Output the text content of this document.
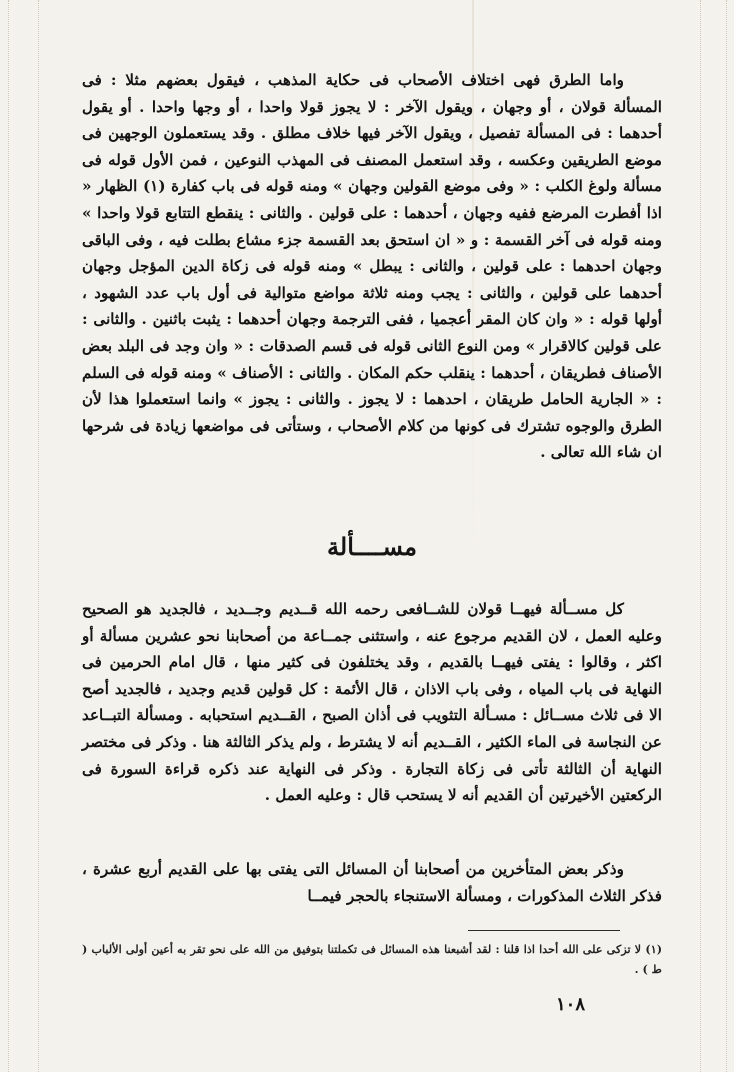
واما الطرق فهى اختلاف الأصحاب فى حكاية المذهب ، فيقول بعضهم مثلا : فى المسألة قولان ، أو وجهان ، ويقول الآخر : لا يجوز قولا واحدا ، أو وجها واحدا . أو يقول أحدهما : فى المسألة تفصيل ، ويقول الآخر فيها خلاف مطلق . وقد يستعملون الوجهين فى موضع الطريقين وعكسه ، وقد استعمل المصنف فى المهذب النوعين ، فمن الأول قوله فى مسألة ولوغ الكلب : « وفى موضع القولين وجهان » ومنه قوله فى باب كفارة (١) الظهار « اذا أفطرت المرضع ففيه وجهان ، أحدهما : على قولين . والثانى : ينقطع التتابع قولا واحدا » ومنه قوله فى آخر القسمة : و « ان استحق بعد القسمة جزء مشاع بطلت فيه ، وفى الباقى وجهان احدهما : على قولين ، والثانى : يبطل » ومنه قوله فى زكاة الدين المؤجل وجهان أحدهما على قولين ، والثانى : يجب ومنه ثلاثة مواضع متوالية فى أول باب عدد الشهود ، أولها قوله : « وان كان المقر أعجميا ، ففى الترجمة وجهان أحدهما : يثبت باثنين . والثانى : على قولين كالاقرار » ومن النوع الثانى قوله فى قسم الصدقات : « وان وجد فى البلد بعض الأصناف فطريقان ، أحدهما : ينقلب حكم المكان . والثانى : الأصناف » ومنه قوله فى السلم : « الجارية الحامل طريقان ، احدهما : لا يجوز . والثانى : يجوز » وانما استعملوا هذا لأن الطرق والوجوه تشترك فى كونها من كلام الأصحاب ، وستأتى فى مواضعها زيادة فى شرحها ان شاء الله تعالى .

مســــألة

كل مســألة فيهــا قولان للشــافعى رحمه الله قــديم وجــديد ، فالجديد هو الصحيح وعليه العمل ، لان القديم مرجوع عنه ، واستثنى جمــاعة من أصحابنا نحو عشرين مسألة أو اكثر ، وقالوا : يفتى فيهــا بالقديم ، وقد يختلفون فى كثير منها ، قال امام الحرمين فى النهاية فى باب المياه ، وفى باب الاذان ، قال الأئمة : كل قولين قديم وجديد ، فالجديد أصح الا فى ثلاث مســائل : مسـألة التثويب فى أذان الصبح ، القــديم استحبابه . ومسألة التبــاعد عن النجاسة فى الماء الكثير ، القــديم أنه لا يشترط ، ولم يذكر الثالثة هنا . وذكر فى مختصر النهاية أن الثالثة تأتى فى زكاة التجارة . وذكر فى النهاية عند ذكره قراءة السورة فى الركعتين الأخيرتين أن القديم أنه لا يستحب قال : وعليه العمل .

وذكر بعض المتأخرين من أصحابنا أن المسائل التى يفتى بها على القديم أربع عشرة ، فذكر الثلاث المذكورات ، ومسألة الاستنجاء بالحجر فيمــا

(١) لا تزكى على الله أحدا اذا قلنا : لقد أشبعنا هذه المسائل فى تكملتنا بتوفيق من الله على نحو تقر به أعين أولى الألباب ( ط ) .
١٠٨
